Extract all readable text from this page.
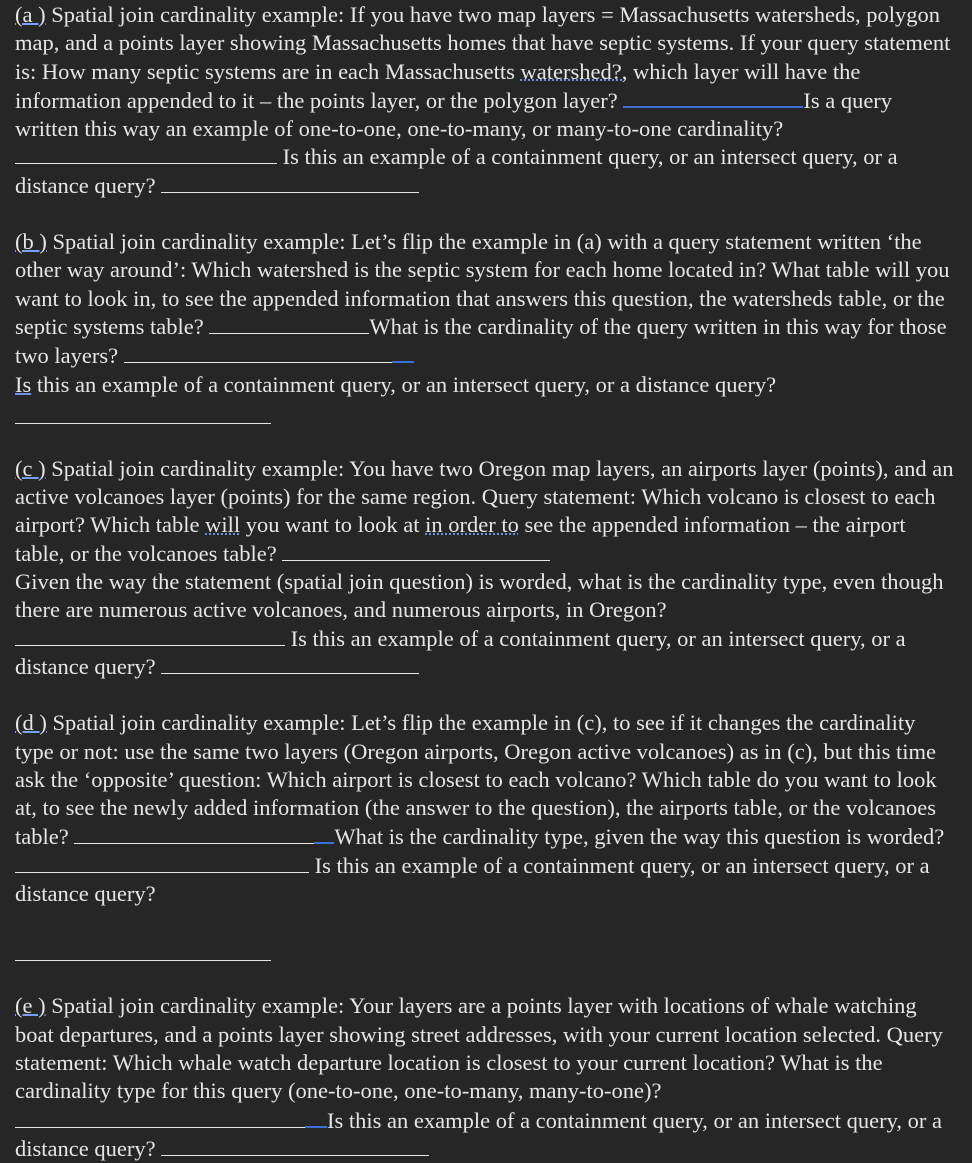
(a ) Spatial join cardinality example: If you have two map layers = Massachusetts watersheds, polygon map, and a points layer showing Massachusetts homes that have septic systems. If your query statement is: How many septic systems are in each Massachusetts watershed?, which layer will have the information appended to it – the points layer, or the polygon layer?	Is a query written this way an example of one-to-one, one-to-many, or many-to-one cardinality?  Is this an example of a containment query, or an intersect query, or a distance query?

(b ) Spatial join cardinality example: Let’s flip the example in (a) with a query statement written ‘the other way around’: Which watershed is the septic system for each home located in? What table will you want to look in, to see the appended information that answers this question, the watersheds table, or the septic systems table?	What is the cardinality of the query written in this way for those two layers?
Is this an example of a containment query, or an intersect query, or a distance query?

(c ) Spatial join cardinality example: You have two Oregon map layers, an airports layer (points), and an active volcanoes layer (points) for the same region. Query statement: Which volcano is closest to each airport? Which table will you want to look at in order to see the appended information – the airport table, or the volcanoes table?
Given the way the statement (spatial join question) is worded, what is the cardinality type, even though there are numerous active volcanoes, and numerous airports, in Oregon?
Is this an example of a containment query, or an intersect query, or a distance query?

(d ) Spatial join cardinality example: Let’s flip the example in (c), to see if it changes the cardinality type or not: use the same two layers (Oregon airports, Oregon active volcanoes) as in (c), but this time ask the ‘opposite’ question: Which airport is closest to each volcano? Which table do you want to look at, to see the newly added information (the answer to the question), the airports table, or the volcanoes table?	What is the cardinality type, given the way this question is worded?  Is this an example of a containment query, or an intersect query, or a distance query?

(e ) Spatial join cardinality example: Your layers are a points layer with locations of whale watching boat departures, and a points layer showing street addresses, with your current location selected. Query statement: Which whale watch departure location is closest to your current location? What is the cardinality type for this query (one-to-one, one-to-many, many-to-one)? Is this an example of a containment query, or an intersect query, or a distance query?
